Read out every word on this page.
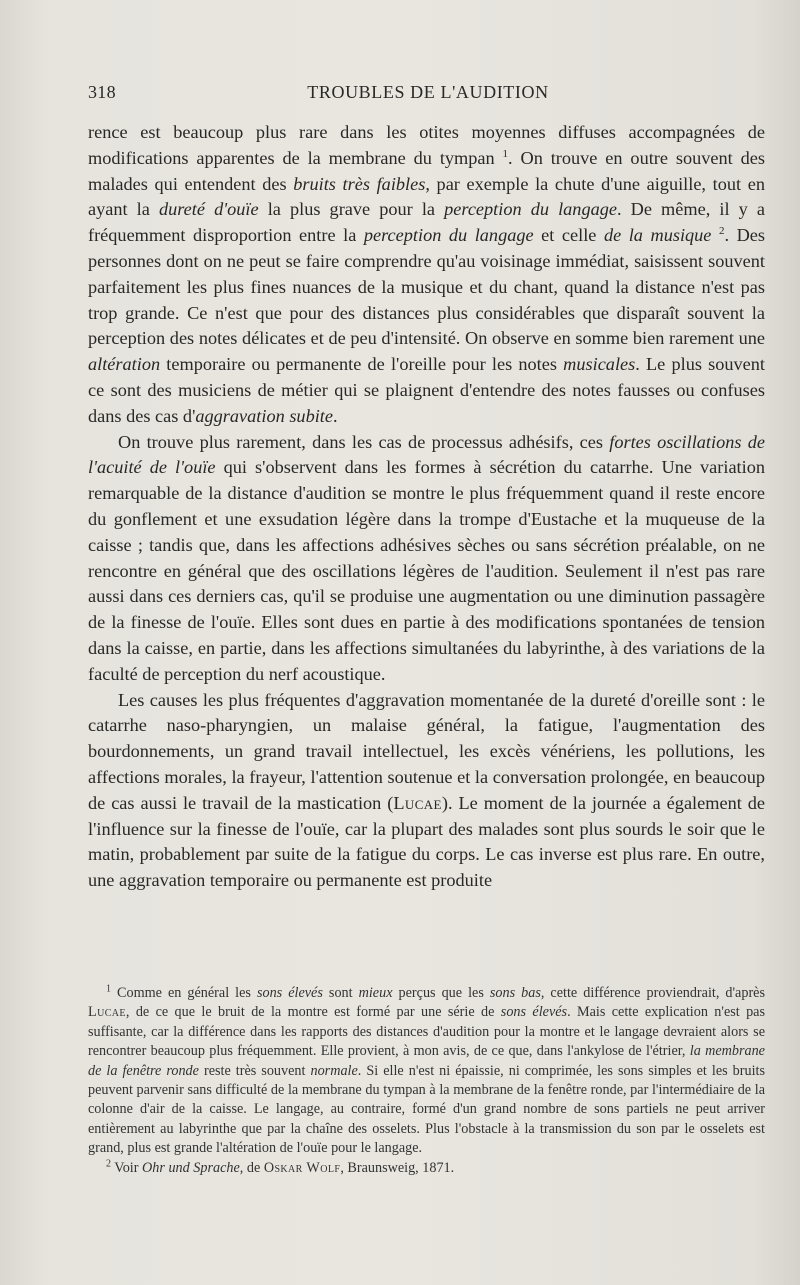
318	TROUBLES DE L'AUDITION

rence est beaucoup plus rare dans les otites moyennes diffuses accompagnées de modifications apparentes de la membrane du tympan $^1$. On trouve en outre souvent des malades qui entendent des bruits très faibles, par exemple la chute d'une aiguille, tout en ayant la dureté d'ouïe la plus grave pour la perception du langage. De même, il y a fréquemment disproportion entre la perception du langage et celle de la musique $^2$. Des personnes dont on ne peut se faire comprendre qu'au voisinage immédiat, saisissent souvent parfaitement les plus fines nuances de la musique et du chant, quand la distance n'est pas trop grande. Ce n'est que pour des distances plus considérables que disparaît souvent la perception des notes délicates et de peu d'intensité. On observe en somme bien rarement une altération temporaire ou permanente de l'oreille pour les notes musicales. Le plus souvent ce sont des musiciens de métier qui se plaignent d'entendre des notes fausses ou confuses dans des cas d'aggravation subite.

On trouve plus rarement, dans les cas de processus adhésifs, ces fortes oscillations de l'acuité de l'ouïe qui s'observent dans les formes à sécrétion du catarrhe. Une variation remarquable de la distance d'audition se montre le plus fréquemment quand il reste encore du gonflement et une exsudation légère dans la trompe d'Eustache et la muqueuse de la caisse ; tandis que, dans les affections adhésives sèches ou sans sécrétion préalable, on ne rencontre en général que des oscillations légères de l'audition. Seulement il n'est pas rare aussi dans ces derniers cas, qu'il se produise une augmentation ou une diminution passagère de la finesse de l'ouïe. Elles sont dues en partie à des modifications spontanées de tension dans la caisse, en partie, dans les affections simultanées du labyrinthe, à des variations de la faculté de perception du nerf acoustique.

Les causes les plus fréquentes d'aggravation momentanée de la dureté d'oreille sont : le catarrhe naso-pharyngien, un malaise général, la fatigue, l'augmentation des bourdonnements, un grand travail intellectuel, les excès vénériens, les pollutions, les affections morales, la frayeur, l'attention soutenue et la conversation prolongée, en beaucoup de cas aussi le travail de la mastication (Lucae). Le moment de la journée a également de l'influence sur la finesse de l'ouïe, car la plupart des malades sont plus sourds le soir que le matin, probablement par suite de la fatigue du corps. Le cas inverse est plus rare. En outre, une aggravation temporaire ou permanente est produite

$^1$ Comme en général les sons élevés sont mieux perçus que les sons bas, cette différence proviendrait, d'après Lucae, de ce que le bruit de la montre est formé par une série de sons élevés. Mais cette explication n'est pas suffisante, car la différence dans les rapports des distances d'audition pour la montre et le langage devraient alors se rencontrer beaucoup plus fréquemment. Elle provient, à mon avis, de ce que, dans l'ankylose de l'étrier, la membrane de la fenêtre ronde reste très souvent normale. Si elle n'est ni épaissie, ni comprimée, les sons simples et les bruits peuvent parvenir sans difficulté de la membrane du tympan à la membrane de la fenêtre ronde, par l'intermédiaire de la colonne d'air de la caisse. Le langage, au contraire, formé d'un grand nombre de sons partiels ne peut arriver entièrement au labyrinthe que par la chaîne des osselets. Plus l'obstacle à la transmission du son par le osselets est grand, plus est grande l'altération de l'ouïe pour le langage.

$^2$ Voir Ohr und Sprache, de Oskar Wolf, Braunsweig, 1871.
